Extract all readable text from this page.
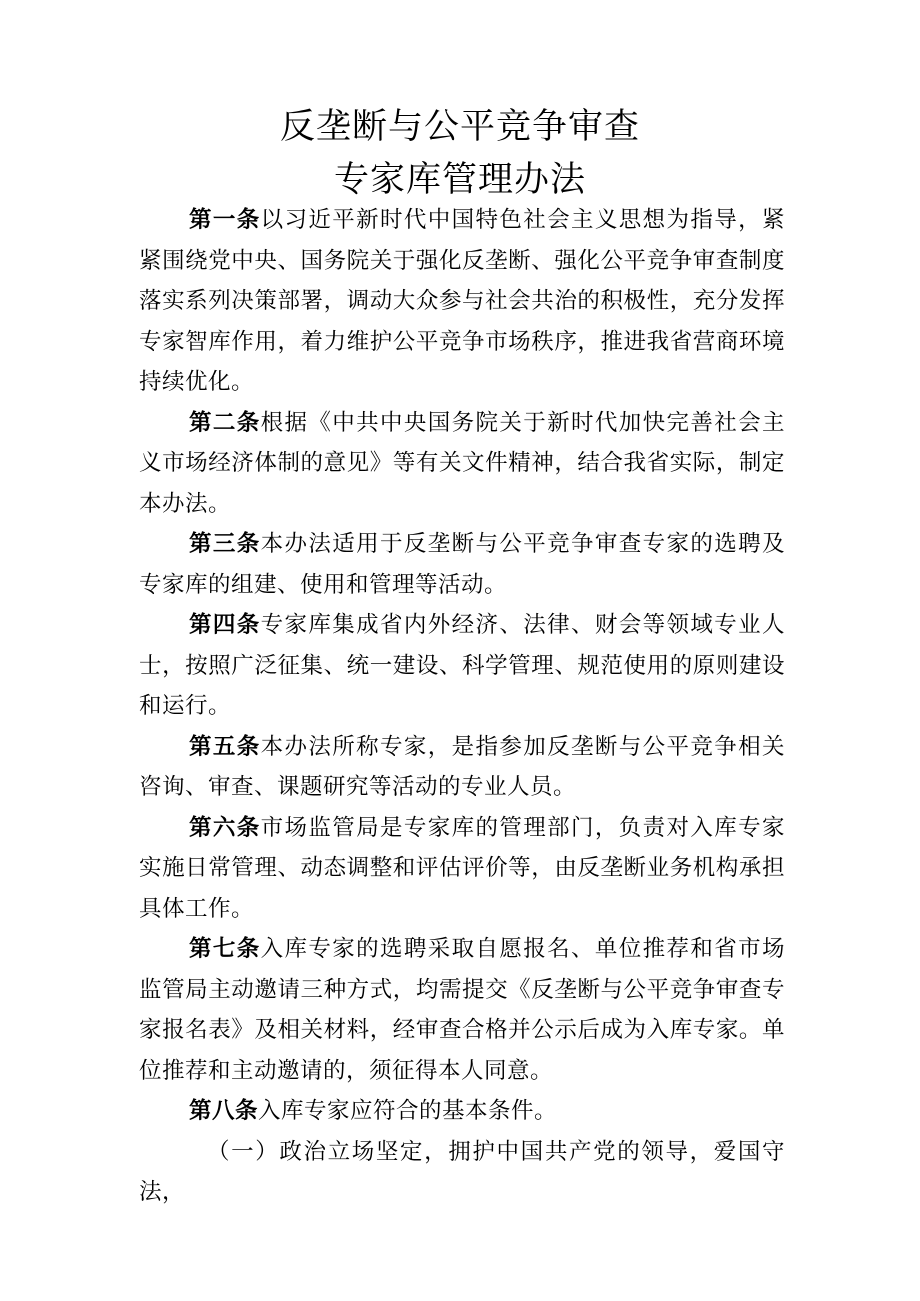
反垄断与公平竞争审查
专家库管理办法

第一条以习近平新时代中国特色社会主义思想为指导，紧紧围绕党中央、国务院关于强化反垄断、强化公平竞争审查制度落实系列决策部署，调动大众参与社会共治的积极性，充分发挥专家智库作用，着力维护公平竞争市场秩序，推进我省营商环境持续优化。

第二条根据《中共中央国务院关于新时代加快完善社会主义市场经济体制的意见》等有关文件精神，结合我省实际，制定本办法。

第三条本办法适用于反垄断与公平竞争审查专家的选聘及专家库的组建、使用和管理等活动。

第四条专家库集成省内外经济、法律、财会等领域专业人士，按照广泛征集、统一建设、科学管理、规范使用的原则建设和运行。

第五条本办法所称专家，是指参加反垄断与公平竞争相关咨询、审查、课题研究等活动的专业人员。

第六条市场监管局是专家库的管理部门，负责对入库专家实施日常管理、动态调整和评估评价等，由反垄断业务机构承担具体工作。

第七条入库专家的选聘采取自愿报名、单位推荐和省市场监管局主动邀请三种方式，均需提交《反垄断与公平竞争审查专家报名表》及相关材料，经审查合格并公示后成为入库专家。单位推荐和主动邀请的，须征得本人同意。

第八条入库专家应符合的基本条件。

（一）政治立场坚定，拥护中国共产党的领导，爱国守法，
